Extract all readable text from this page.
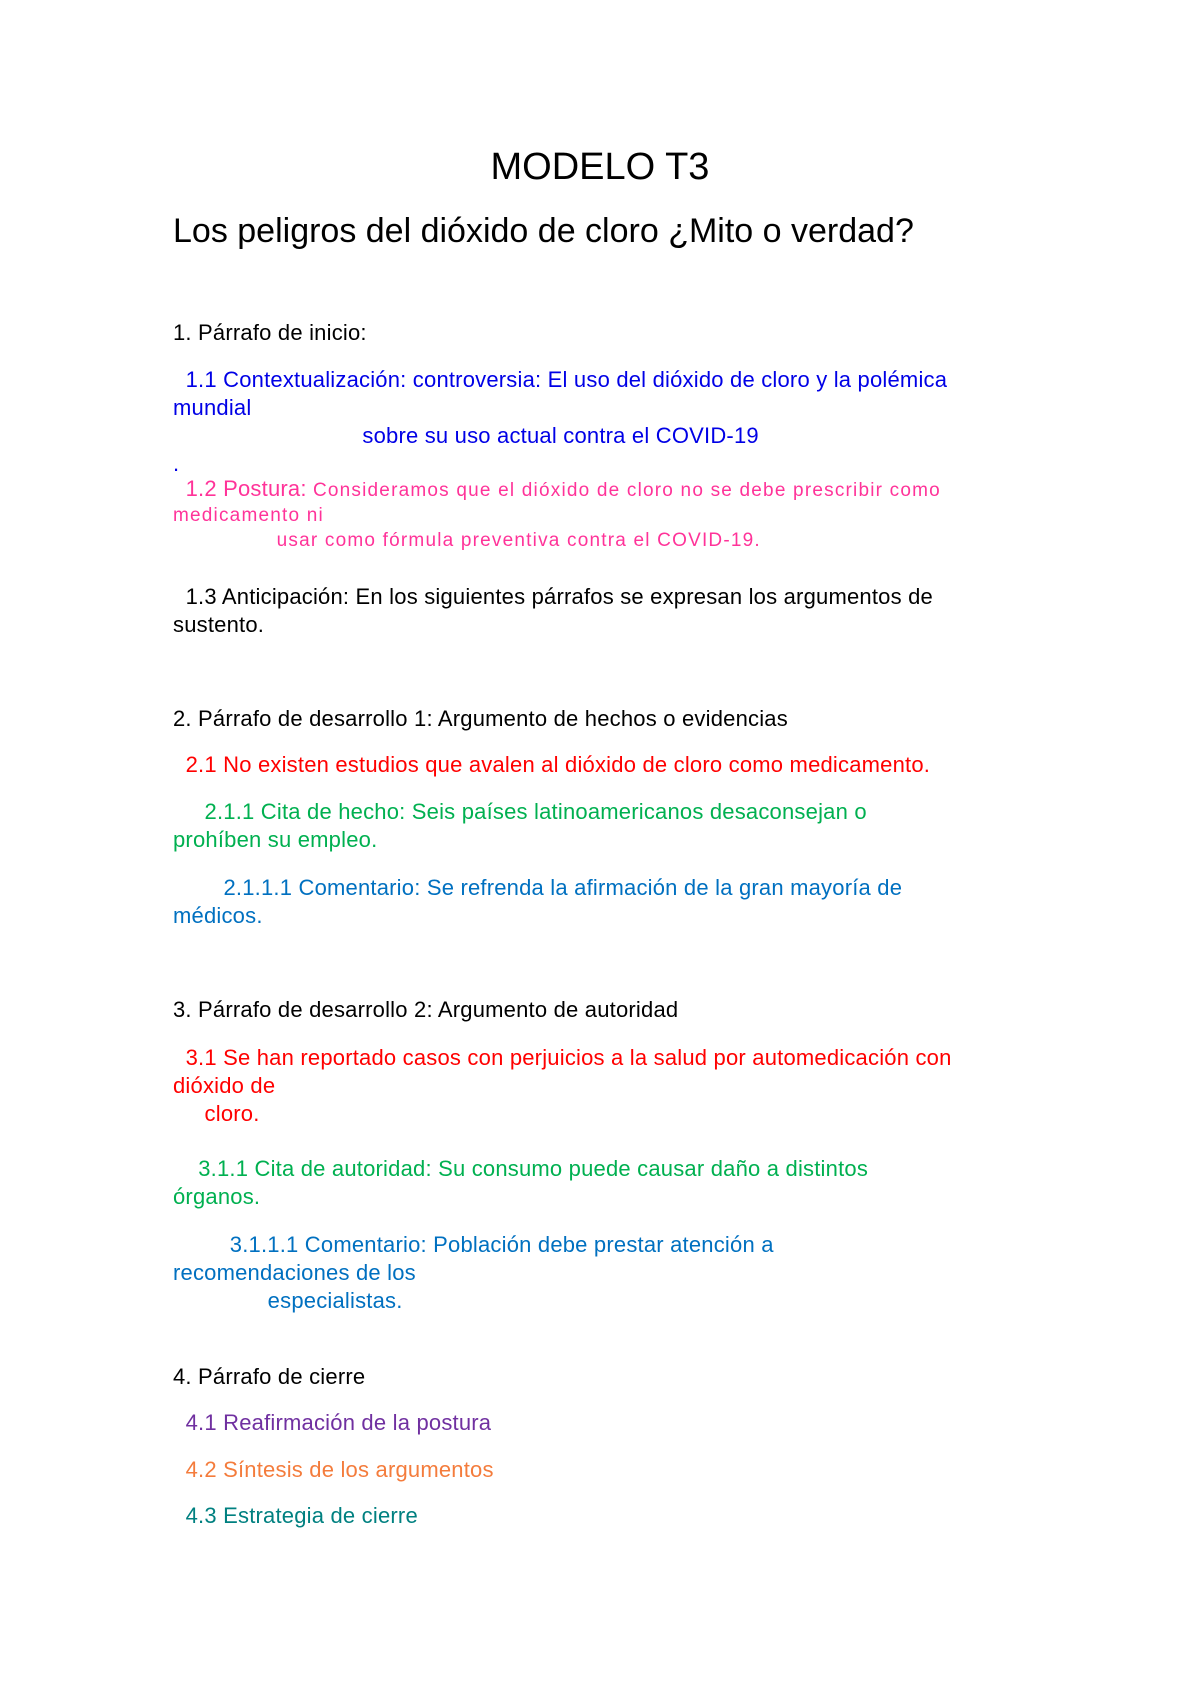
MODELO T3
Los peligros del dióxido de cloro ¿Mito o verdad?
1. Párrafo de inicio:
1.1 Contextualización: controversia: El uso del dióxido de cloro y la polémica
mundial
sobre su uso actual contra el COVID-19
.
1.2 Postura: Consideramos que el dióxido de cloro no se debe prescribir como
medicamento ni
usar como fórmula preventiva contra el COVID-19.
1.3 Anticipación: En los siguientes párrafos se expresan los argumentos de
sustento.
2. Párrafo de desarrollo 1: Argumento de hechos o evidencias
2.1 No existen estudios que avalen al dióxido de cloro como medicamento.
2.1.1 Cita de hecho: Seis países latinoamericanos desaconsejan o
prohíben su empleo.
2.1.1.1 Comentario: Se refrenda la afirmación de la gran mayoría de
médicos.
3. Párrafo de desarrollo 2: Argumento de autoridad
3.1 Se han reportado casos con perjuicios a la salud por automedicación con
dióxido de
cloro.
3.1.1 Cita de autoridad: Su consumo puede causar daño a distintos
órganos.
3.1.1.1 Comentario: Población debe prestar atención a
recomendaciones de los
especialistas.
4. Párrafo de cierre
4.1 Reafirmación de la postura
4.2 Síntesis de los argumentos
4.3 Estrategia de cierre
